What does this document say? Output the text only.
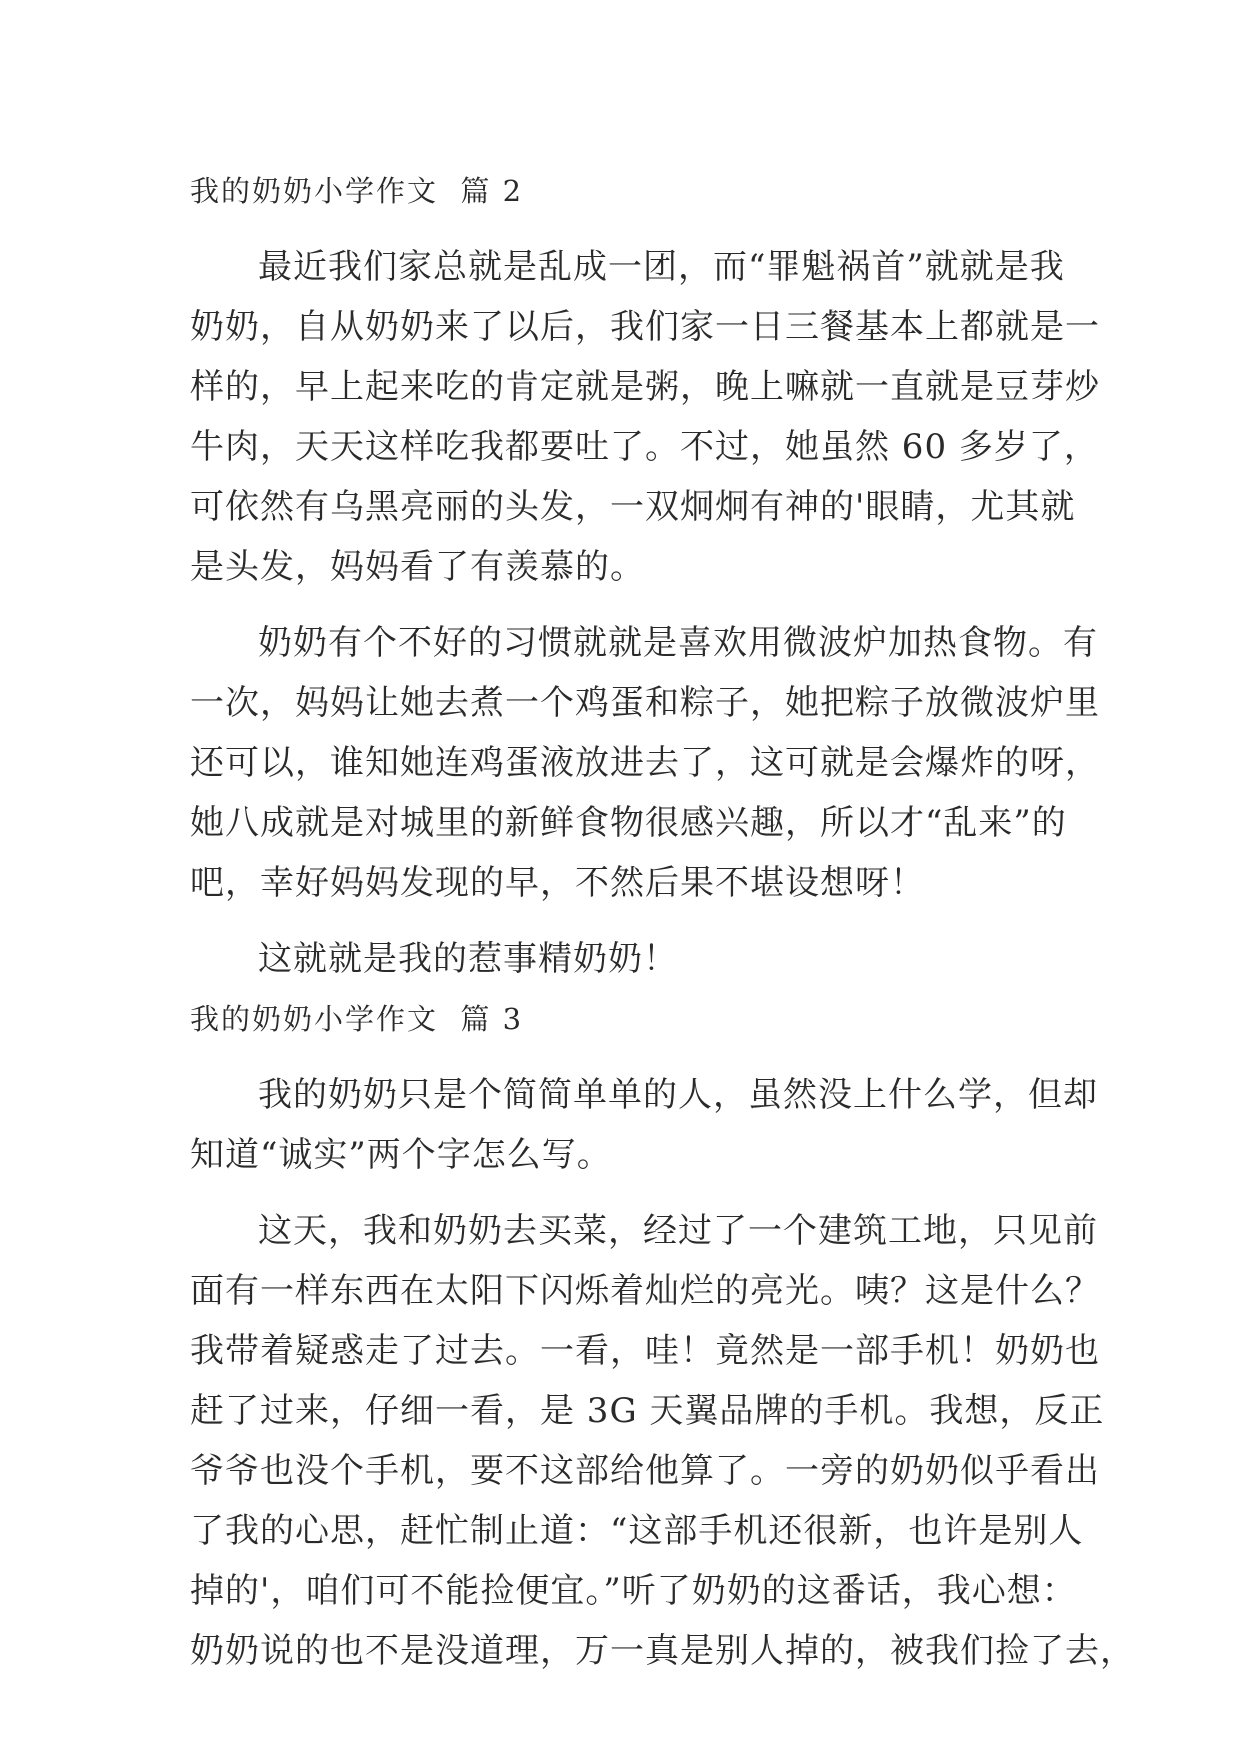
我的奶奶小学作文  篇 2

最近我们家总就是乱成一团，而“罪魁祸首”就就是我
奶奶，自从奶奶来了以后，我们家一日三餐基本上都就是一
样的，早上起来吃的肯定就是粥，晚上嘛就一直就是豆芽炒
牛肉，天天这样吃我都要吐了。不过，她虽然 60 多岁了，
可依然有乌黑亮丽的头发，一双炯炯有神的'眼睛，尤其就
是头发，妈妈看了有羡慕的。

奶奶有个不好的习惯就就是喜欢用微波炉加热食物。有
一次，妈妈让她去煮一个鸡蛋和粽子，她把粽子放微波炉里
还可以，谁知她连鸡蛋液放进去了，这可就是会爆炸的呀，
她八成就是对城里的新鲜食物很感兴趣，所以才“乱来”的
吧，幸好妈妈发现的早，不然后果不堪设想呀！

这就就是我的惹事精奶奶！

我的奶奶小学作文  篇 3

我的奶奶只是个简简单单的人，虽然没上什么学，但却
知道“诚实”两个字怎么写。

这天，我和奶奶去买菜，经过了一个建筑工地，只见前
面有一样东西在太阳下闪烁着灿烂的亮光。咦？这是什么？
我带着疑惑走了过去。一看，哇！竟然是一部手机！奶奶也
赶了过来，仔细一看，是 3G 天翼品牌的手机。我想，反正
爷爷也没个手机，要不这部给他算了。一旁的奶奶似乎看出
了我的心思，赶忙制止道：“这部手机还很新，也许是别人
掉的'，咱们可不能捡便宜。”听了奶奶的这番话，我心想：
奶奶说的也不是没道理，万一真是别人掉的，被我们捡了去，
